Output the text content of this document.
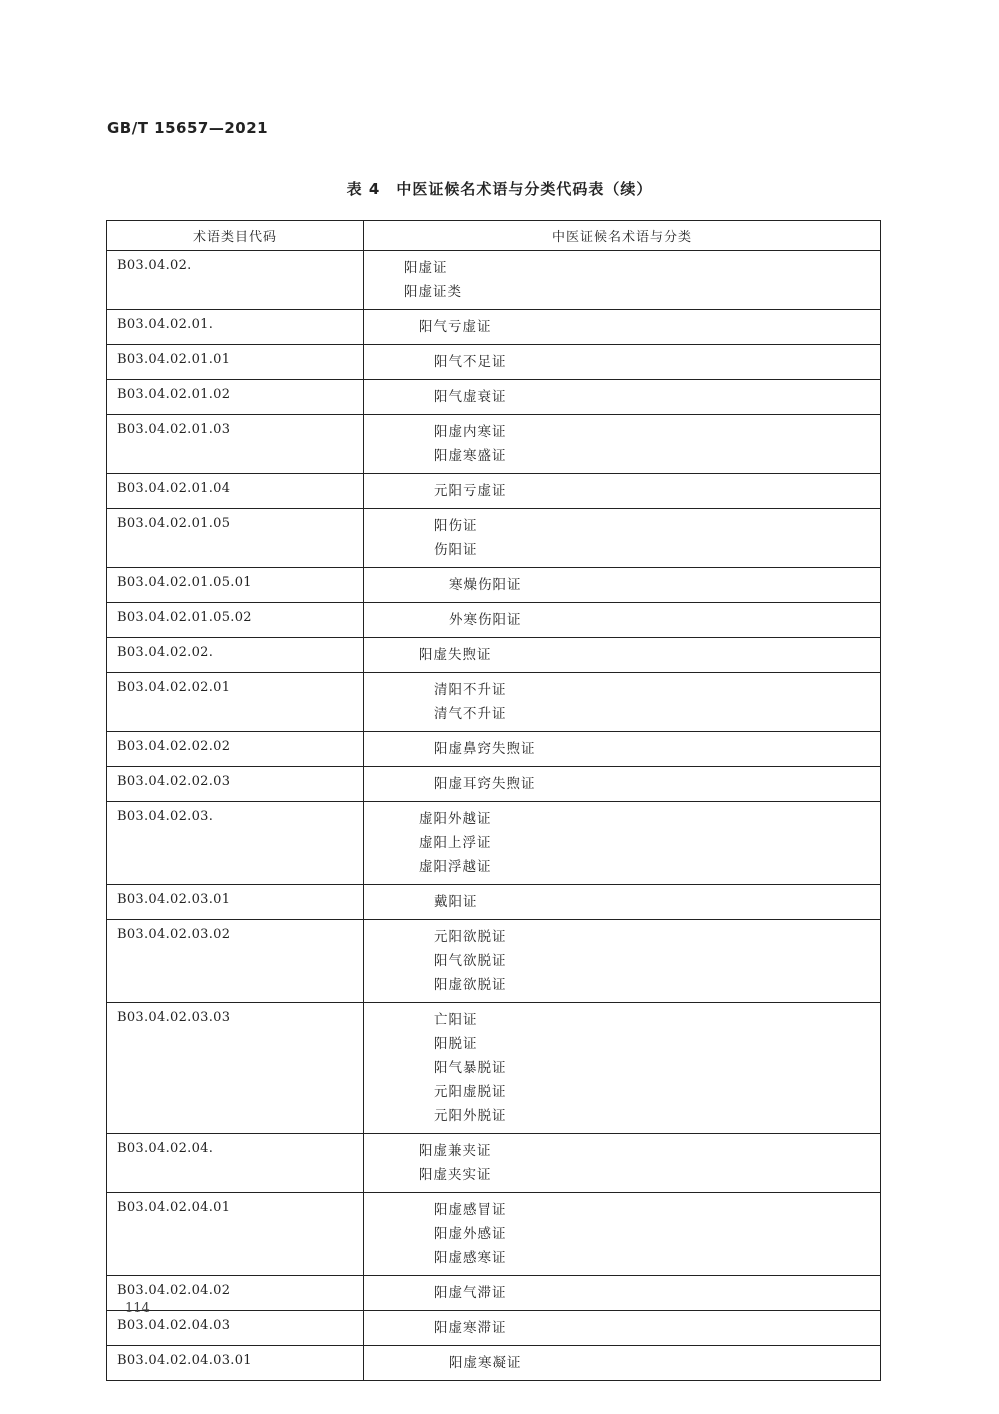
GB/T 15657—2021
表 4　中医证候名术语与分类代码表（续）
术语类目代码	中医证候名术语与分类
B03.04.02.	阳虚证
阳虚证类

B03.04.02.01.	阳气亏虚证

B03.04.02.01.01	阳气不足证

B03.04.02.01.02	阳气虚衰证

B03.04.02.01.03	阳虚内寒证
阳虚寒盛证

B03.04.02.01.04	元阳亏虚证

B03.04.02.01.05	阳伤证
伤阳证

B03.04.02.01.05.01	寒燥伤阳证

B03.04.02.01.05.02	外寒伤阳证

B03.04.02.02.	阳虚失煦证

B03.04.02.02.01	清阳不升证
清气不升证

B03.04.02.02.02	阳虚鼻窍失煦证

B03.04.02.02.03	阳虚耳窍失煦证

B03.04.02.03.	虚阳外越证
虚阳上浮证
虚阳浮越证

B03.04.02.03.01	戴阳证

B03.04.02.03.02	元阳欲脱证
阳气欲脱证
阳虚欲脱证

B03.04.02.03.03	亡阳证
阳脱证
阳气暴脱证
元阳虚脱证
元阳外脱证

B03.04.02.04.	阳虚兼夹证
阳虚夹实证

B03.04.02.04.01	阳虚感冒证
阳虚外感证
阳虚感寒证

B03.04.02.04.02	阳虚气滞证

B03.04.02.04.03	阳虚寒滞证

B03.04.02.04.03.01	阳虚寒凝证
114
